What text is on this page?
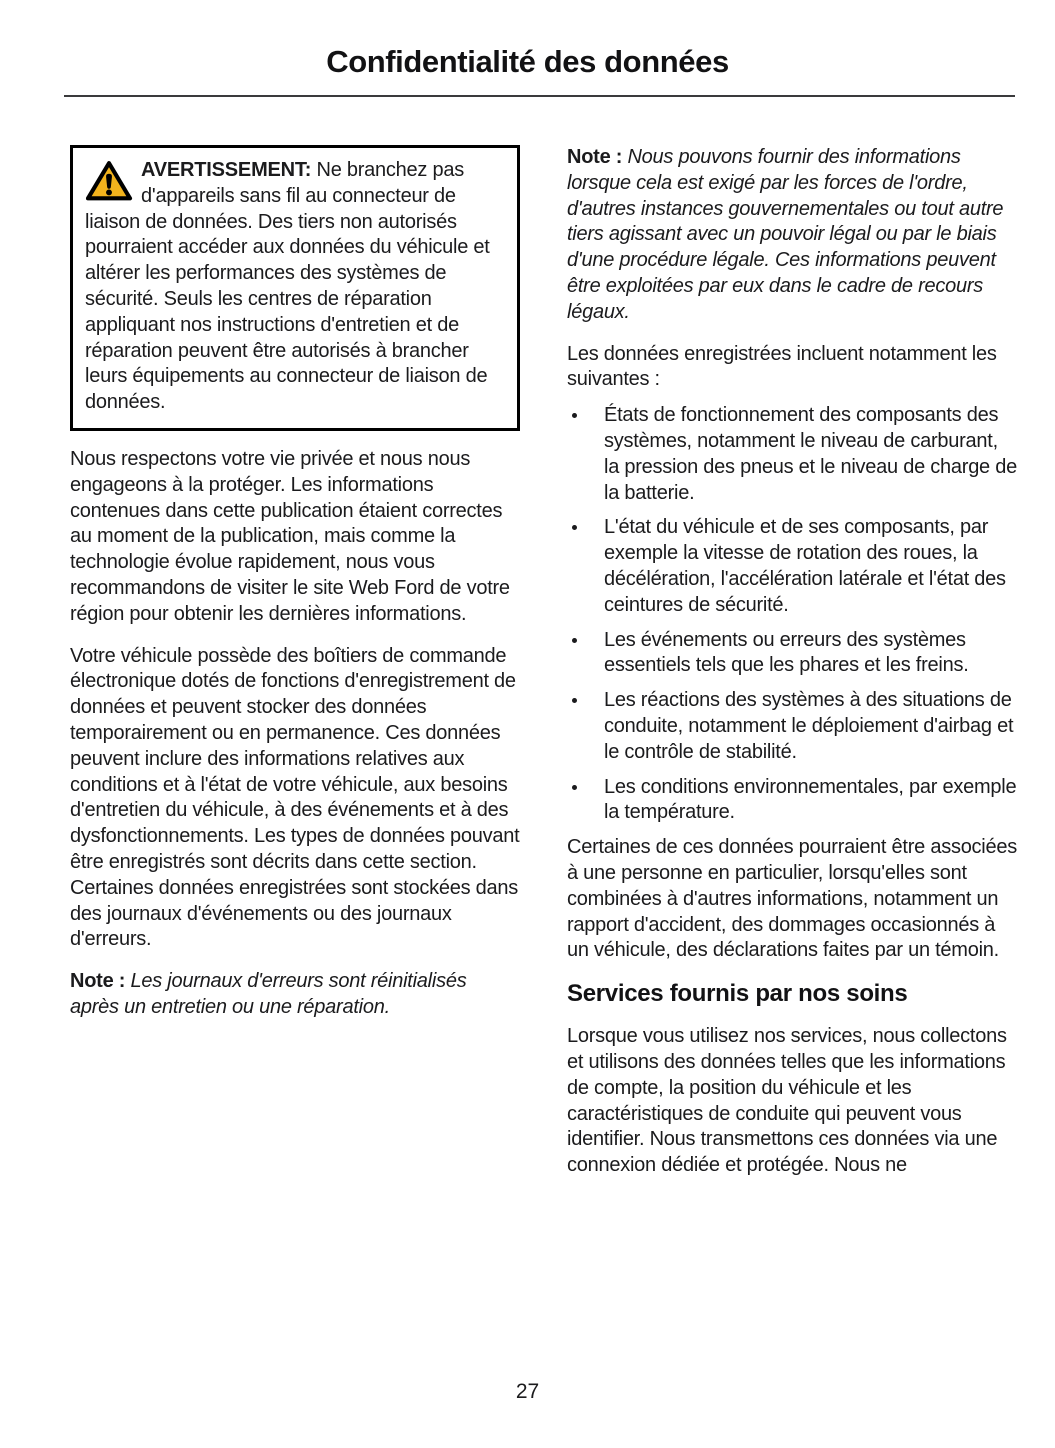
Confidentialité des données

AVERTISSEMENT: Ne branchez pas d'appareils sans fil au connecteur de liaison de données. Des tiers non autorisés pourraient accéder aux données du véhicule et altérer les performances des systèmes de sécurité. Seuls les centres de réparation appliquant nos instructions d'entretien et de réparation peuvent être autorisés à brancher leurs équipements au connecteur de liaison de données.

Nous respectons votre vie privée et nous nous engageons à la protéger. Les informations contenues dans cette publication étaient correctes au moment de la publication, mais comme la technologie évolue rapidement, nous vous recommandons de visiter le site Web Ford de votre région pour obtenir les dernières informations.

Votre véhicule possède des boîtiers de commande électronique dotés de fonctions d'enregistrement de données et peuvent stocker des données temporairement ou en permanence. Ces données peuvent inclure des informations relatives aux conditions et à l'état de votre véhicule, aux besoins d'entretien du véhicule, à des événements et à des dysfonctionnements. Les types de données pouvant être enregistrés sont décrits dans cette section. Certaines données enregistrées sont stockées dans des journaux d'événements ou des journaux d'erreurs.

Note : Les journaux d'erreurs sont réinitialisés après un entretien ou une réparation.

Note : Nous pouvons fournir des informations lorsque cela est exigé par les forces de l'ordre, d'autres instances gouvernementales ou tout autre tiers agissant avec un pouvoir légal ou par le biais d'une procédure légale. Ces informations peuvent être exploitées par eux dans le cadre de recours légaux.

Les données enregistrées incluent notamment les suivantes :

États de fonctionnement des composants des systèmes, notamment le niveau de carburant, la pression des pneus et le niveau de charge de la batterie.
L'état du véhicule et de ses composants, par exemple la vitesse de rotation des roues, la décélération, l'accélération latérale et l'état des ceintures de sécurité.
Les événements ou erreurs des systèmes essentiels tels que les phares et les freins.
Les réactions des systèmes à des situations de conduite, notamment le déploiement d'airbag et le contrôle de stabilité.
Les conditions environnementales, par exemple la température.

Certaines de ces données pourraient être associées à une personne en particulier, lorsqu'elles sont combinées à d'autres informations, notamment un rapport d'accident, des dommages occasionnés à un véhicule, des déclarations faites par un témoin.

Services fournis par nos soins

Lorsque vous utilisez nos services, nous collectons et utilisons des données telles que les informations de compte, la position du véhicule et les caractéristiques de conduite qui peuvent vous identifier. Nous transmettons ces données via une connexion dédiée et protégée. Nous ne

27
